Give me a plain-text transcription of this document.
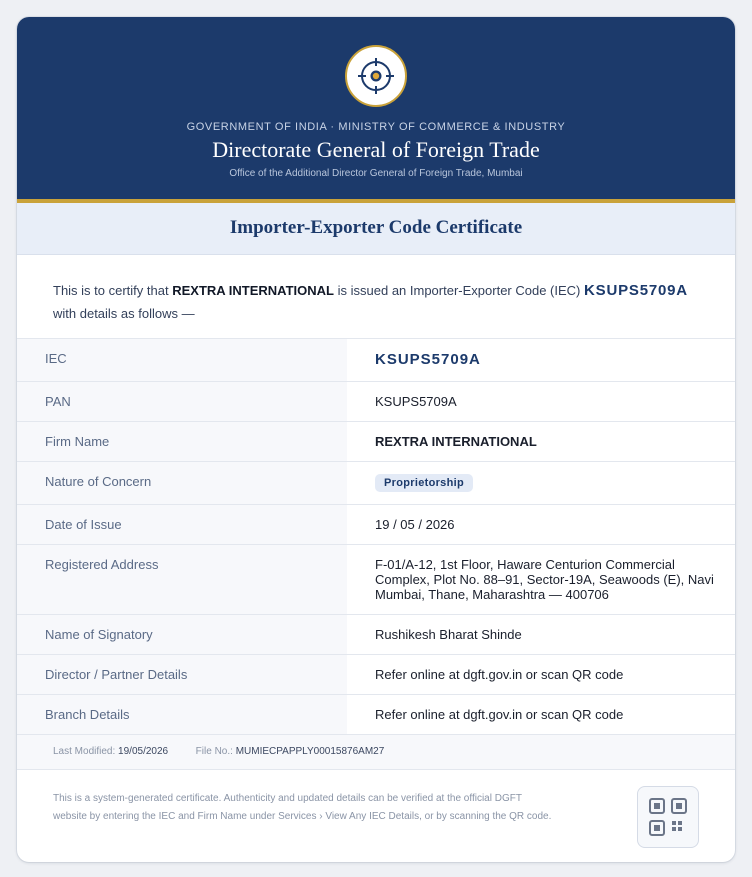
GOVERNMENT OF INDIA · MINISTRY OF COMMERCE & INDUSTRY
Directorate General of Foreign Trade
Office of the Additional Director General of Foreign Trade, Mumbai
Importer-Exporter Code Certificate
This is to certify that REXTRA INTERNATIONAL is issued an Importer-Exporter Code (IEC) KSUPS5709A
with details as follows —
IEC	KSUPS5709A
PAN	KSUPS5709A
Firm Name	REXTRA INTERNATIONAL
Nature of Concern	Proprietorship
Date of Issue	19 / 05 / 2026
Registered Address	F-01/A-12, 1st Floor, Haware Centurion Commercial Complex, Plot No. 88–91, Sector-19A, Seawoods (E), Navi Mumbai, Thane, Maharashtra — 400706
Name of Signatory	Rushikesh Bharat Shinde
Director / Partner Details	Refer online at dgft.gov.in or scan QR code
Branch Details	Refer online at dgft.gov.in or scan QR code
Last Modified: 19/05/2026	File No.: MUMIECPAPPLY00015876AM27
This is a system-generated certificate. Authenticity and updated details can be verified at the official DGFT website by entering the IEC and Firm Name under Services › View Any IEC Details, or by scanning the QR code.
